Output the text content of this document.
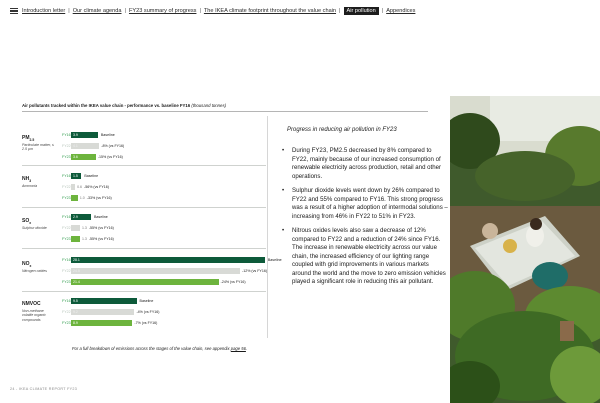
Introduction letter | Our climate agenda | FY23 summary of progress | The IKEA climate footprint throughout the value chain |	Air pollution	| Appendices
Air pollutants tracked within the IKEA value chain - performance vs. baseline FY16 (thousand tonnes)
$PM_{2.5}$
Particulate matter, ≤ 2.5 µm
FY16 3.9	Baseline
FY22 4.1	-8% (vs FY16)
FY23 3.6	-15% (vs FY16)
$NH_3$
Ammonia
FY16 1.5 Baseline
FY22 0.6 -56% (vs FY16)
FY23	1.0 -33% (vs FY16)
$SO_x$
Sulphur dioxide
FY16 2.9	Baseline
FY22	1.3 -55% (vs FY16)
FY23	1.3 -55% (vs FY16)
$NO_x$
Nitrogen oxides
FY16 28.1	Baseline
FY22 24.5	-12% (vs FY16)
FY23 21.4	-24% (vs FY16)
NMVOC
Non-methane volatile organic compounds
FY16 9.5	Baseline
FY22 9.2	-4% (vs FY16)
FY23 8.9	-7% (vs FY16)
For a full breakdown of emissions across the stages of the value chain, see appendix page 56.
Progress in reducing air pollution in FY23
• During FY23, PM2.5 decreased by 8% compared to FY22, mainly because of our increased consumption of renewable electricity across production, retail and other operations.
• Sulphur dioxide levels went down by 26% compared to FY22 and 55% compared to FY16. This strong progress was a result of a higher adoption of intermodal solutions – increasing from 46% in FY22 to 51% in FY23.
• Nitrous oxides levels also saw a decrease of 12% compared to FY22 and a reduction of 24% since FY16. The increase in renewable electricity across our value chain, the increased efficiency of our lighting range coupled with grid improvements in various markets around the world and the move to zero emission vehicles played a significant role in reducing this air pollutant.
24 - IKEA CLIMATE REPORT FY23
